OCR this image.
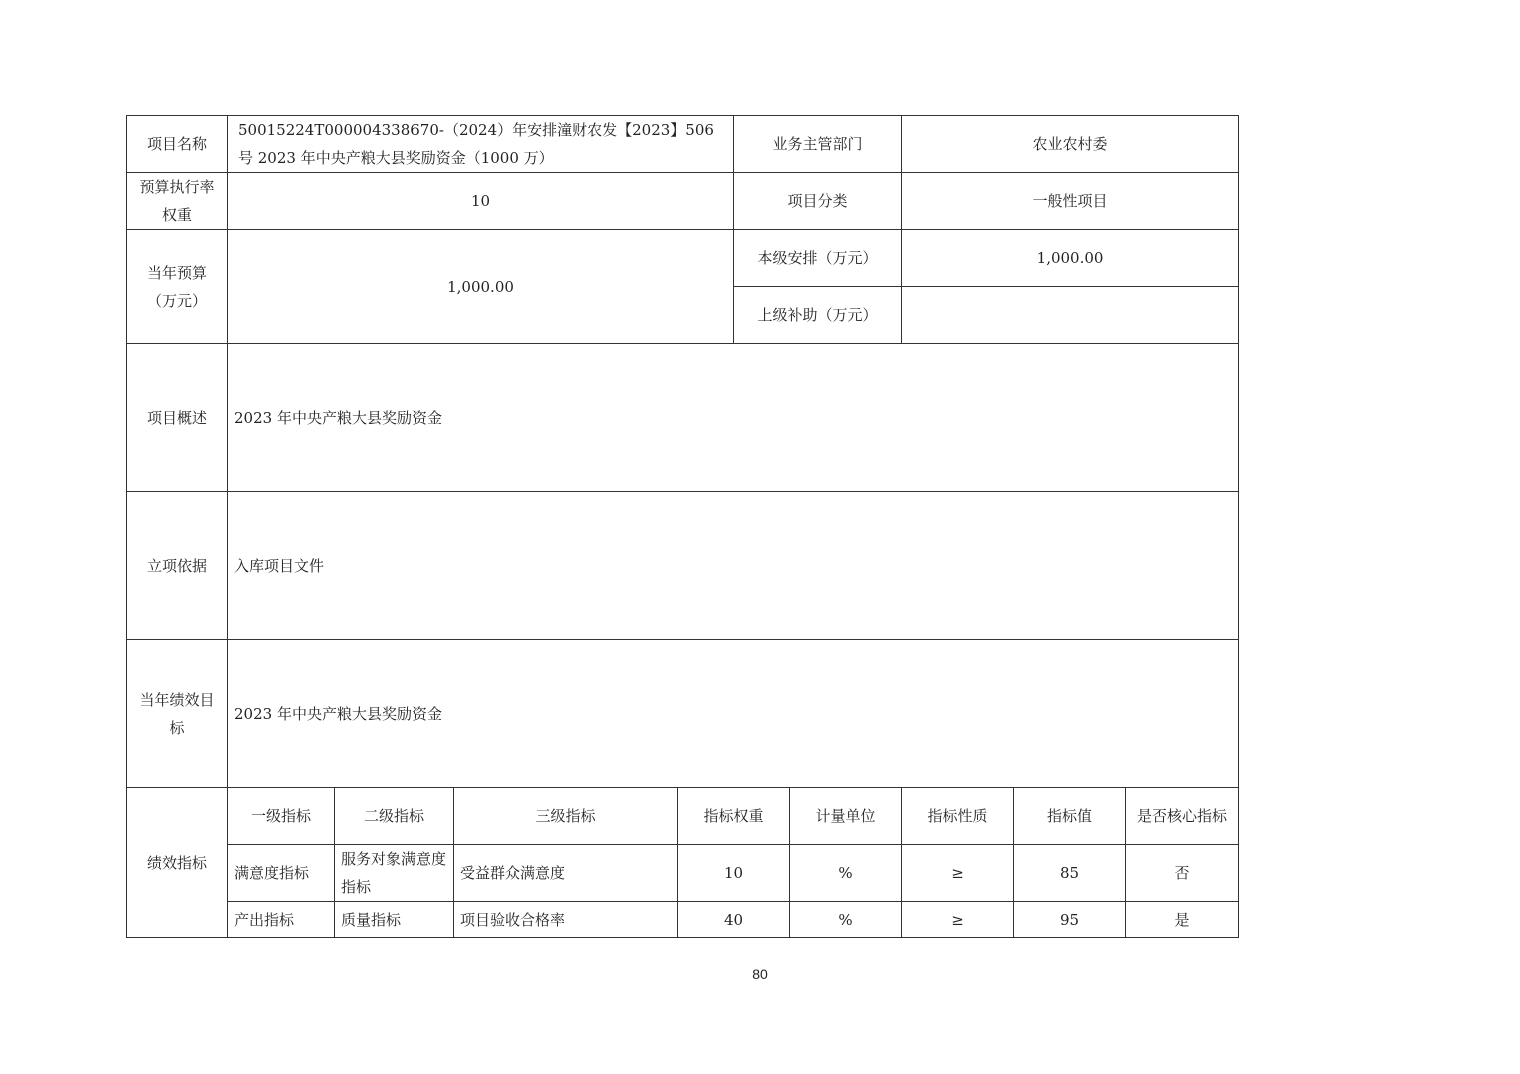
项目名称	50015224T000004338670-（2024）年安排潼财农发【2023】506 号 2023 年中央产粮大县奖励资金（1000 万）				业务主管部门		农业农村委		
预算执行率权重	10				项目分类		一般性项目		
当年预算（万元）	1,000.00				本级安排（万元）		1,000.00		
					上级补助（万元）				
项目概述	2023 年中央产粮大县奖励资金								
立项依据	入库项目文件								
当年绩效目标	2023 年中央产粮大县奖励资金								
绩效指标	一级指标	二级指标	三级指标	指标权重		计量单位	指标性质	指标值	是否核心指标
	满意度指标	服务对象满意度指标	受益群众满意度	10		%	≥	85	否
	产出指标	质量指标	项目验收合格率	40		%	≥	95	是
80
